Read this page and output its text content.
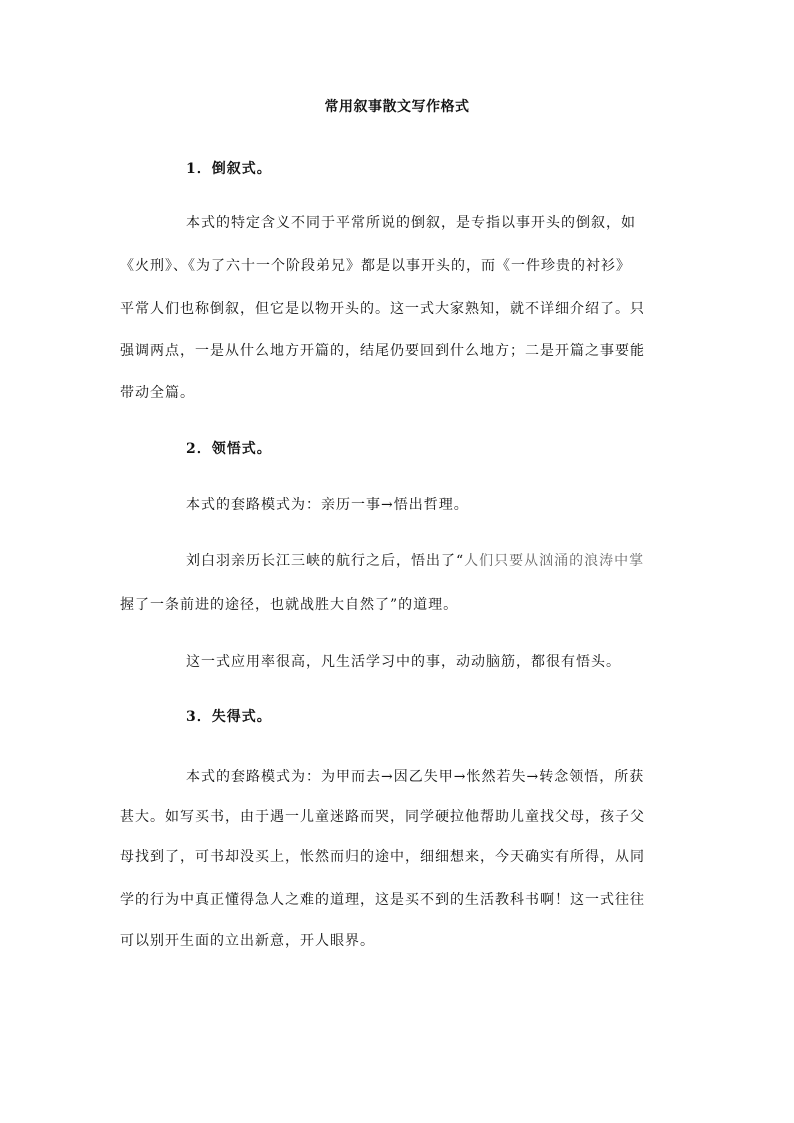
常用叙事散文写作格式
1．倒叙式。
本式的特定含义不同于平常所说的倒叙，是专指以事开头的倒叙，如
《火刑》、《为了六十一个阶段弟兄》都是以事开头的，而《一件珍贵的衬衫》
平常人们也称倒叙，但它是以物开头的。这一式大家熟知，就不详细介绍了。只
强调两点，一是从什么地方开篇的，结尾仍要回到什么地方；二是开篇之事要能
带动全篇。
2．领悟式。
本式的套路模式为：亲历一事→悟出哲理。
刘白羽亲历长江三峡的航行之后，悟出了“人们只要从汹涌的浪涛中掌
握了一条前进的途径，也就战胜大自然了”的道理。
这一式应用率很高，凡生活学习中的事，动动脑筋，都很有悟头。
3．失得式。
本式的套路模式为：为甲而去→因乙失甲→怅然若失→转念领悟，所获
甚大。如写买书，由于遇一儿童迷路而哭，同学硬拉他帮助儿童找父母，孩子父
母找到了，可书却没买上，怅然而归的途中，细细想来，今天确实有所得，从同
学的行为中真正懂得急人之难的道理，这是买不到的生活教科书啊！这一式往往
可以别开生面的立出新意，开人眼界。
